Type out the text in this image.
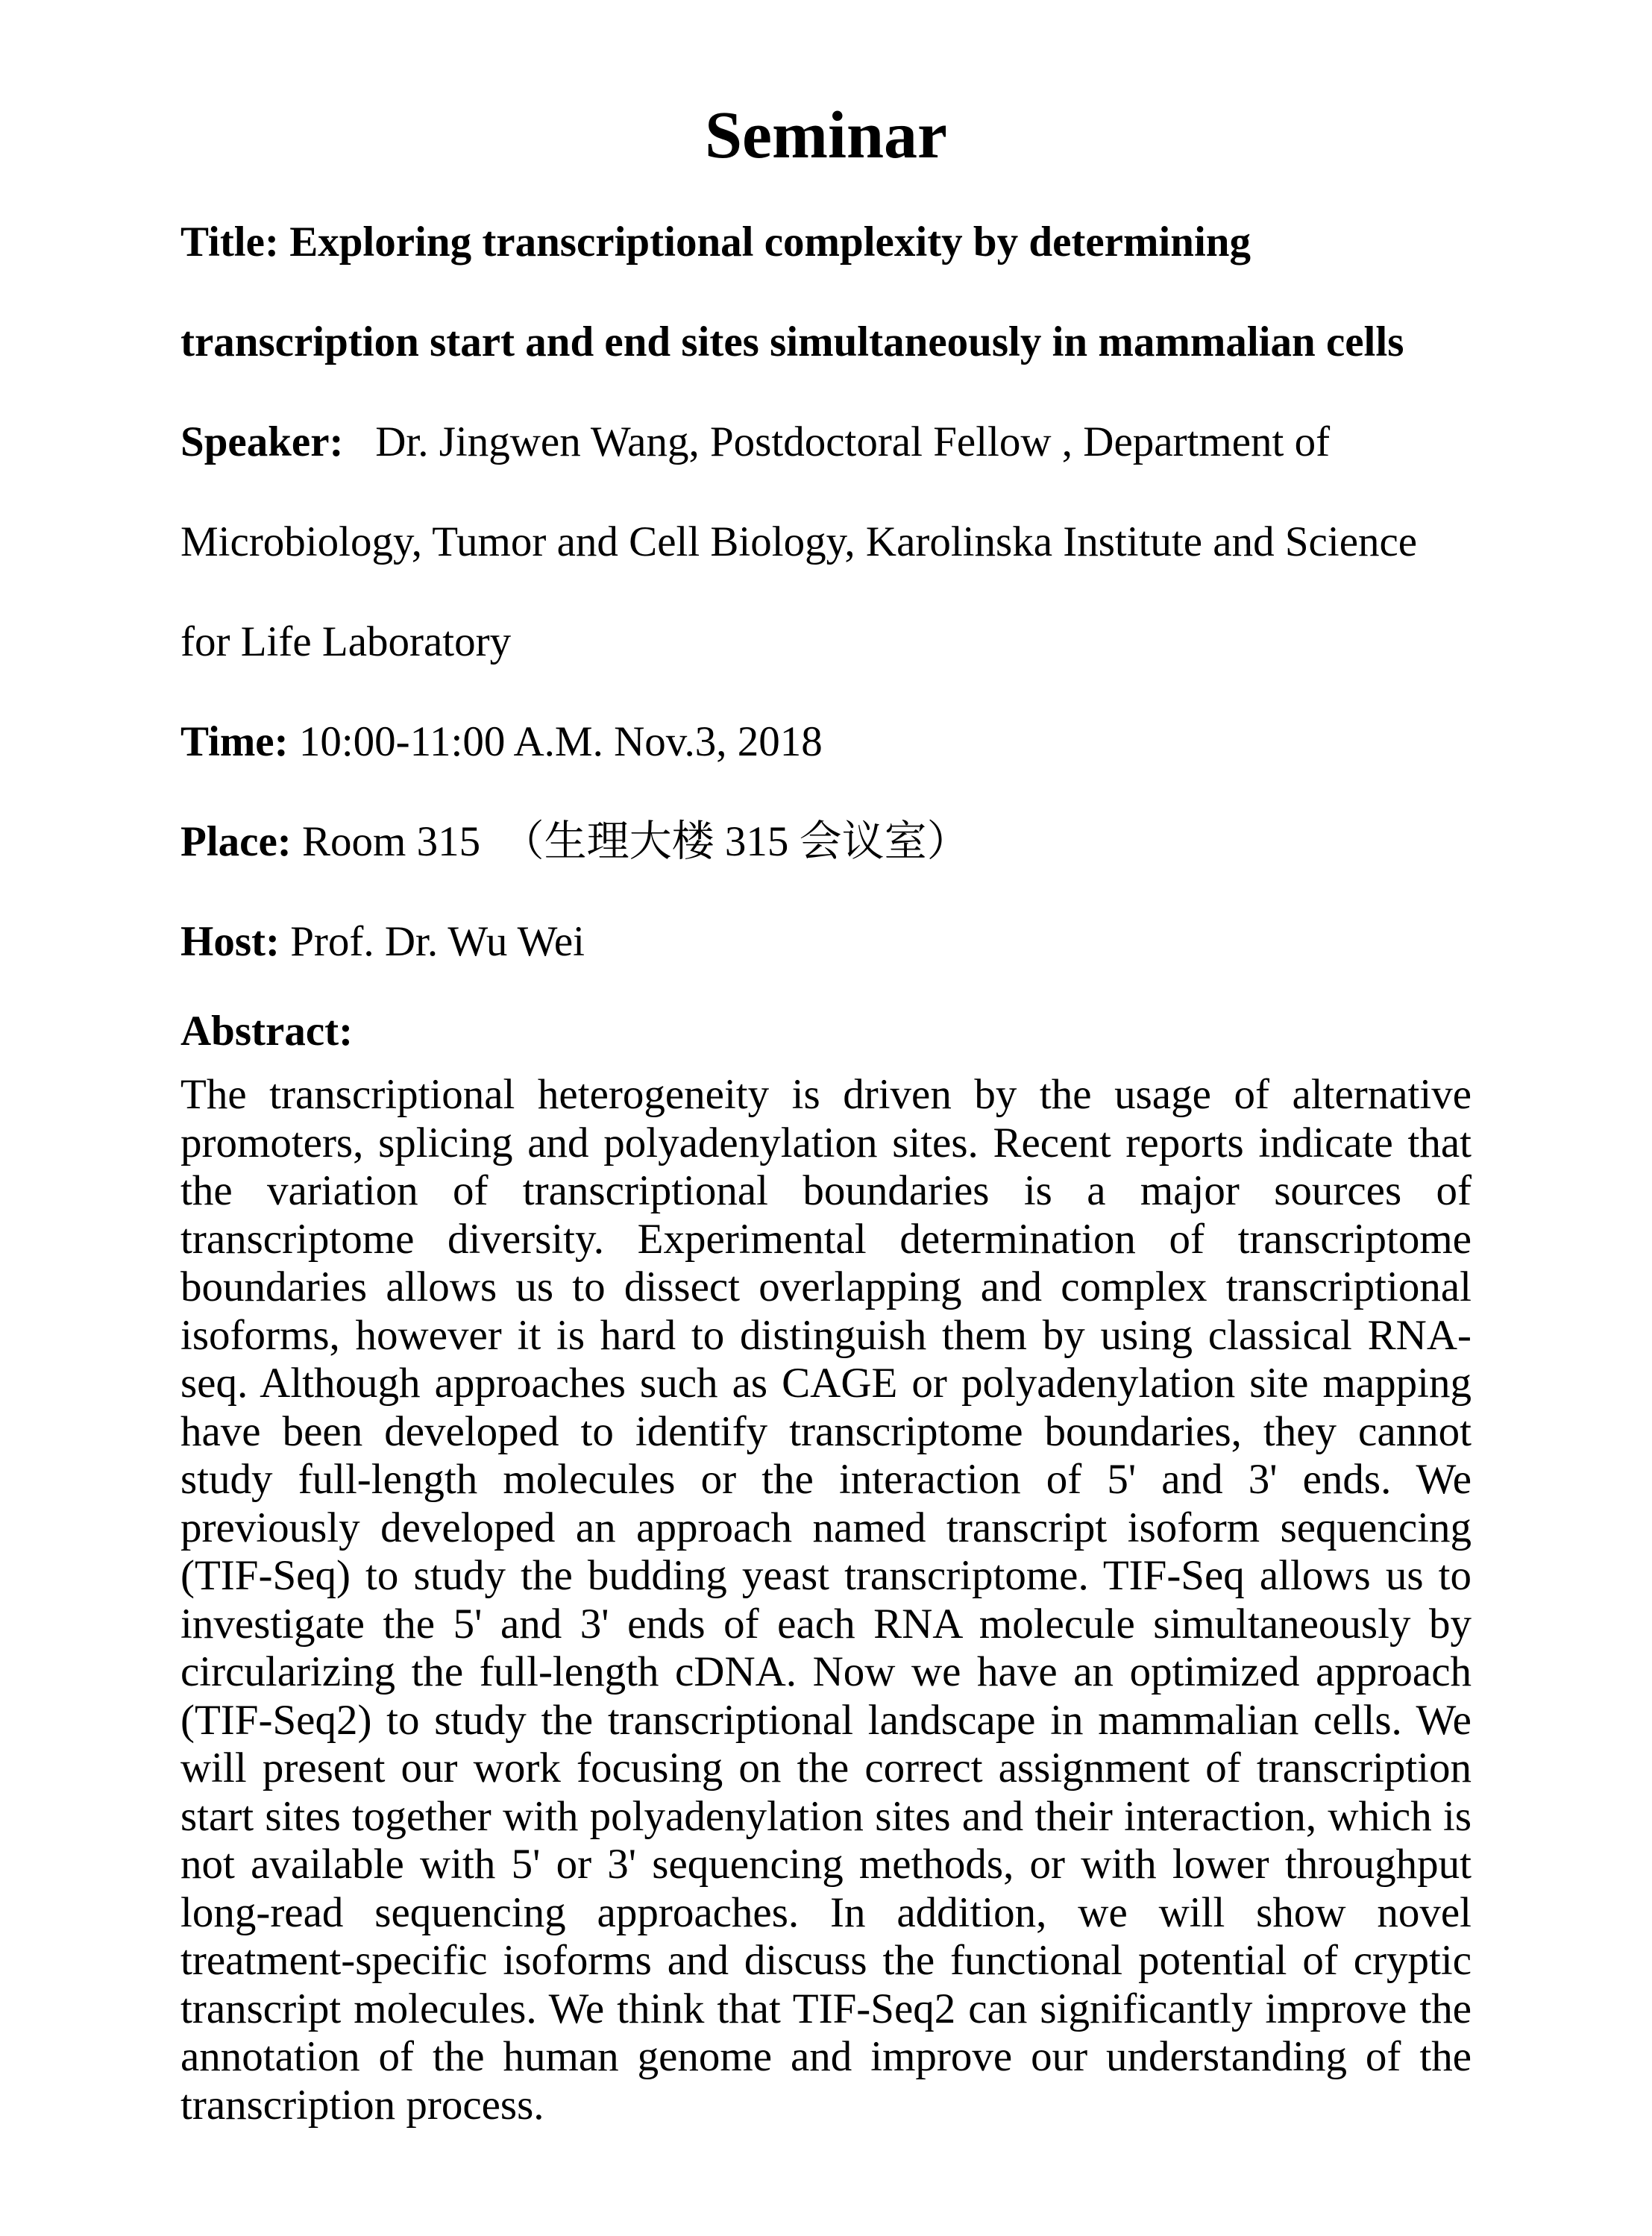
Seminar

Title: Exploring transcriptional complexity by determining transcription start and end sites simultaneously in mammalian cells

Speaker:   Dr. Jingwen Wang, Postdoctoral Fellow , Department of Microbiology, Tumor and Cell Biology, Karolinska Institute and Science for Life Laboratory

Time: 10:00-11:00 A.M. Nov.3, 2018

Place: Room 315  （生理大楼 315 会议室）

Host: Prof. Dr. Wu Wei

Abstract:

The transcriptional heterogeneity is driven by the usage of alternative promoters, splicing and polyadenylation sites. Recent reports indicate that the variation of transcriptional boundaries is a major sources of transcriptome diversity. Experimental determination of transcriptome boundaries allows us to dissect overlapping and complex transcriptional isoforms, however it is hard to distinguish them by using classical RNA-seq. Although approaches such as CAGE or polyadenylation site mapping have been developed to identify transcriptome boundaries, they cannot study full-length molecules or the interaction of 5' and 3' ends. We previously developed an approach named transcript isoform sequencing (TIF-Seq) to study the budding yeast transcriptome. TIF-Seq allows us to investigate the 5' and 3' ends of each RNA molecule simultaneously by circularizing the full-length cDNA. Now we have an optimized approach (TIF-Seq2) to study the transcriptional landscape in mammalian cells. We will present our work focusing on the correct assignment of transcription start sites together with polyadenylation sites and their interaction, which is not available with 5' or 3' sequencing methods, or with lower throughput long-read sequencing approaches. In addition, we will show novel treatment-specific isoforms and discuss the functional potential of cryptic transcript molecules. We think that TIF-Seq2 can significantly improve the annotation of the human genome and improve our understanding of the transcription process.
